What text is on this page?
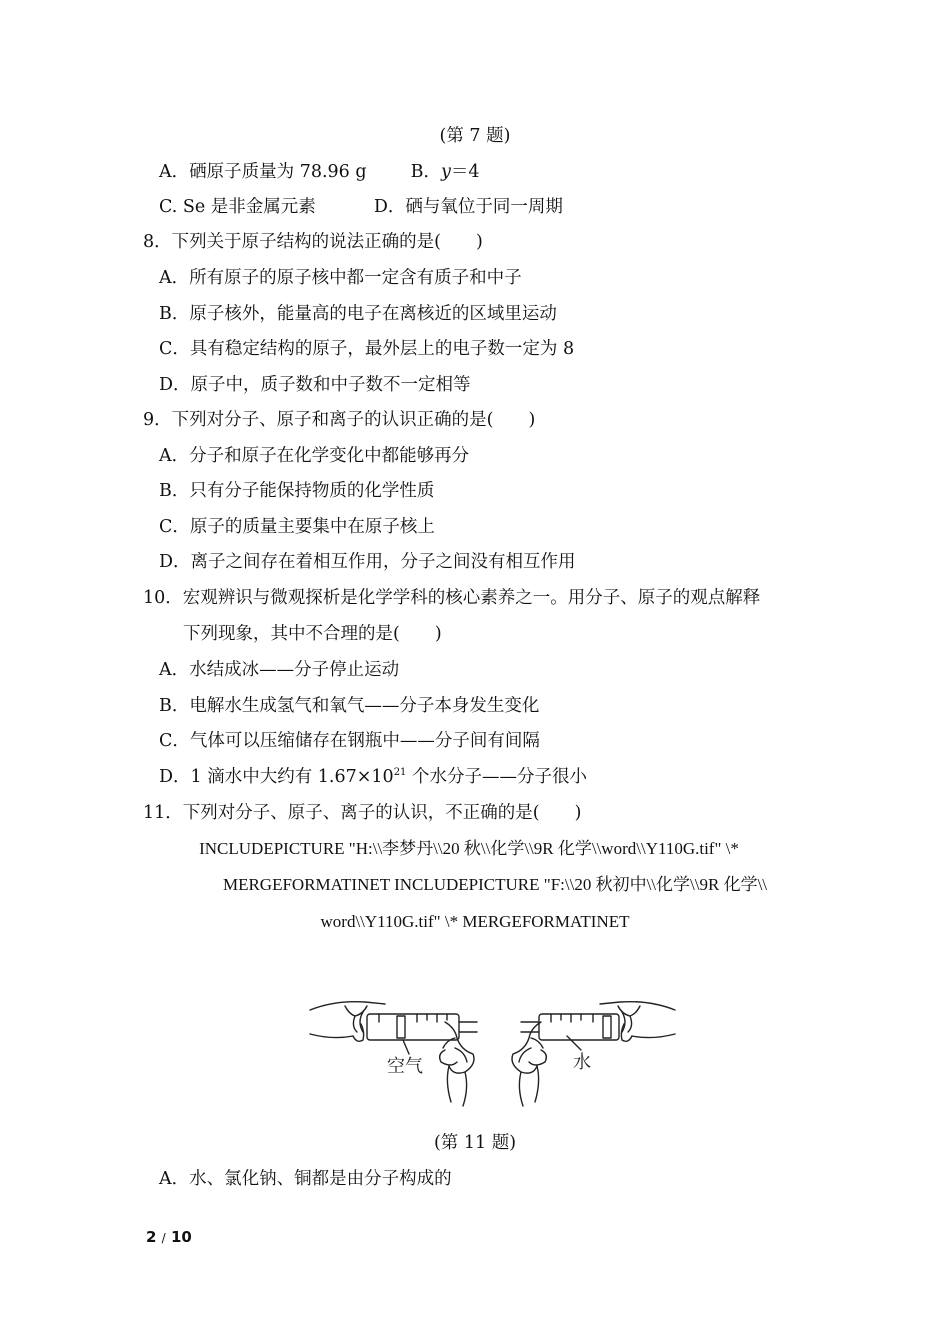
(第 7 题)
A．硒原子质量为 78.96 g	B．y＝4
C. Se 是非金属元素	D．硒与氧位于同一周期
8．下列关于原子结构的说法正确的是(　　)
A．所有原子的原子核中都一定含有质子和中子
B．原子核外，能量高的电子在离核近的区域里运动
C．具有稳定结构的原子，最外层上的电子数一定为 8
D．原子中，质子数和中子数不一定相等
9．下列对分子、原子和离子的认识正确的是(　　)
A．分子和原子在化学变化中都能够再分
B．只有分子能保持物质的化学性质
C．原子的质量主要集中在原子核上
D．离子之间存在着相互作用，分子之间没有相互作用
10．宏观辨识与微观探析是化学学科的核心素养之一。用分子、原子的观点解释
下列现象，其中不合理的是(　　)
A．水结成冰——分子停止运动
B．电解水生成氢气和氧气——分子本身发生变化
C．气体可以压缩储存在钢瓶中——分子间有间隔
D．1 滴水中大约有 $1.67\times 10^{21}$ 个水分子——分子很小
11．下列对分子、原子、离子的认识，不正确的是(　　)
INCLUDEPICTURE "H:\\李梦丹\\20 秋\\化学\\9R 化学\\word\\Y110G.tif" \*
MERGEFORMATINET INCLUDEPICTURE "F:\\20 秋初中\\化学\\9R 化学\\
word\\Y110G.tif" \* MERGEFORMATINET
空气	水
(第 11 题)
A．水、氯化钠、铜都是由分子构成的
2 / 10
